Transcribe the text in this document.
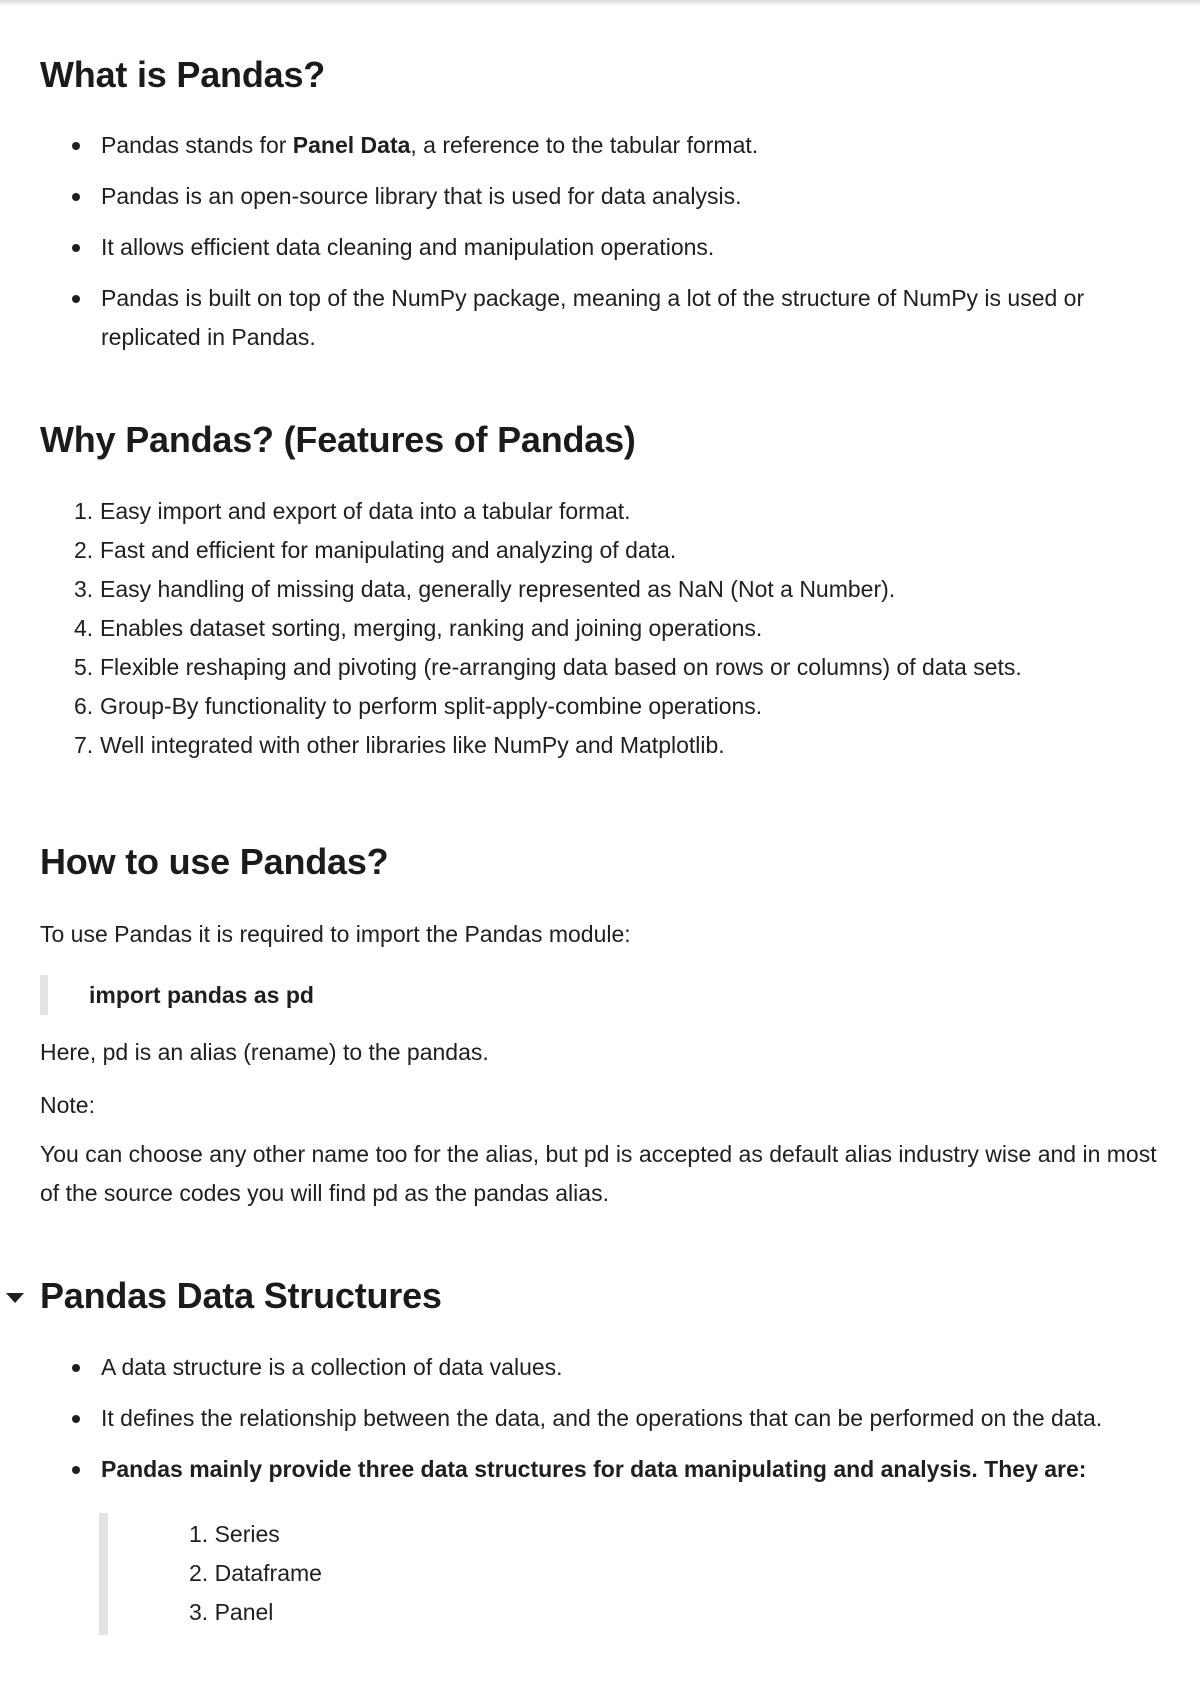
What is Pandas?
Pandas stands for Panel Data, a reference to the tabular format.
Pandas is an open-source library that is used for data analysis.
It allows efficient data cleaning and manipulation operations.
Pandas is built on top of the NumPy package, meaning a lot of the structure of NumPy is used or replicated in Pandas.
Why Pandas? (Features of Pandas)
1. Easy import and export of data into a tabular format.
2. Fast and efficient for manipulating and analyzing of data.
3. Easy handling of missing data, generally represented as NaN (Not a Number).
4. Enables dataset sorting, merging, ranking and joining operations.
5. Flexible reshaping and pivoting (re-arranging data based on rows or columns) of data sets.
6. Group-By functionality to perform split-apply-combine operations.
7. Well integrated with other libraries like NumPy and Matplotlib.
How to use Pandas?

To use Pandas it is required to import the Pandas module:

import pandas as pd

Here, pd is an alias (rename) to the pandas.

Note:

You can choose any other name too for the alias, but pd is accepted as default alias industry wise and in most of the source codes you will find pd as the pandas alias.

Pandas Data Structures
A data structure is a collection of data values.
It defines the relationship between the data, and the operations that can be performed on the data.
Pandas mainly provide three data structures for data manipulating and analysis. They are:
1. Series
2. Dataframe
3. Panel
